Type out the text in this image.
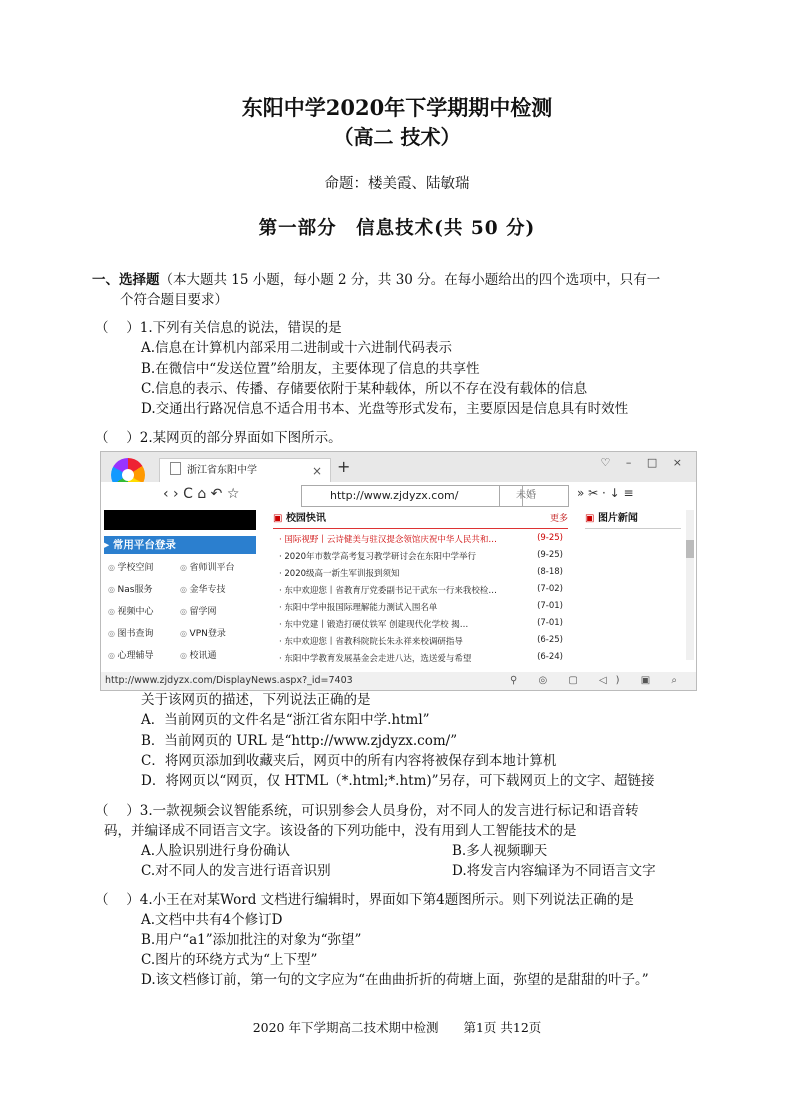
东阳中学2020年下学期期中检测
（高二 技术）
命题：楼美霞、陆敏瑞
第一部分　信息技术(共 50 分)
一、选择题（本大题共 15 小题，每小题 2 分，共 30 分。在每小题给出的四个选项中，只有一
个符合题目要求）
（　 ）1.下列有关信息的说法，错误的是
A.信息在计算机内部采用二进制或十六进制代码表示
B.在微信中“发送位置”给朋友，主要体现了信息的共享性
C.信息的表示、传播、存储要依附于某种载体，所以不存在没有载体的信息
D.交通出行路况信息不适合用书本、光盘等形式发布，主要原因是信息具有时效性
（　 ）2.某网页的部分界面如下图所示。
浙江省东阳中学	× +	♡ – □ ×
‹ › C ⌂ ↶ ☆	http://www.zjdyzx.com/	未婚	» ✂ · ↓ ≡
▸ 常用平台登录
◎ 学校空间	◎ 省师训平台
◎ Nas服务	◎ 金华专技
◎ 视频中心	◎ 留学网
◎ 图书查询	◎ VPN登录
◎ 心理辅导	◎ 校讯通
▣ 校园快讯	更多
· 国际视野丨云诗健美与驻汉提念领馆庆祝中华人民共和…	(9-25)
· 2020年市数学高考复习教学研讨会在东阳中学举行	(9-25)
· 2020级高一新生军训报到须知	(8-18)
· 东中欢迎您丨省教育厅党委副书记干武东一行来我校检…	(7-02)
· 东阳中学申报国际理解能力测试入围名单	(7-01)
· 东中党建丨锻造打硬仗铁军 创建现代化学校 揭…	(7-01)
· 东中欢迎您丨省教科院院长朱永祥来校调研指导	(6-25)
· 东阳中学教育发展基金会走进八达，选送爱与希望	(6-24)
▣ 图片新闻
http://www.zjdyzx.com/DisplayNews.aspx?_id=7403	⚲ ◎ ▢ ◁) ▣ ⌕
关于该网页的描述，下列说法正确的是
A．当前网页的文件名是“浙江省东阳中学.html”
B．当前网页的 URL 是“http://www.zjdyzx.com/”
C．将网页添加到收藏夹后，网页中的所有内容将被保存到本地计算机
D．将网页以“网页，仅 HTML（*.html;*.htm)”另存，可下载网页上的文字、超链接
（　 ）3.一款视频会议智能系统，可识别参会人员身份，对不同人的发言进行标记和语音转
码，并编译成不同语言文字。该设备的下列功能中，没有用到人工智能技术的是
A.人脸识别进行身份确认	B.多人视频聊天
C.对不同人的发言进行语音识别	D.将发言内容编译为不同语言文字
（　 ）4.小王在对某Word 文档进行编辑时，界面如下第4题图所示。则下列说法正确的是
A.文档中共有4个修订D
B.用户“a1”添加批注的对象为“弥望”
C.图片的环绕方式为“上下型”
D.该文档修订前，第一句的文字应为“在曲曲折折的荷塘上面，弥望的是甜甜的叶子。”
2020 年下学期高二技术期中检测　　第1页 共12页
